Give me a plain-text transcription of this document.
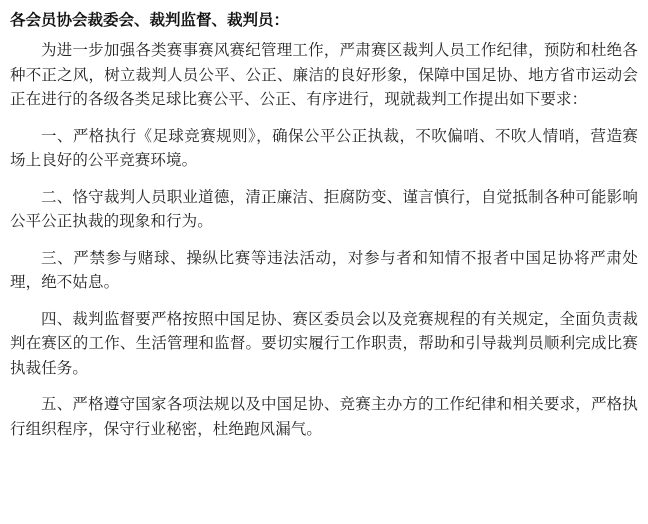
各会员协会裁委会、裁判监督、裁判员：

为进一步加强各类赛事赛风赛纪管理工作，严肃赛区裁判人员工作纪律，预防和杜绝各种不正之风，树立裁判人员公平、公正、廉洁的良好形象，保障中国足协、地方省市运动会正在进行的各级各类足球比赛公平、公正、有序进行，现就裁判工作提出如下要求：

一、严格执行《足球竞赛规则》，确保公平公正执裁，不吹偏哨、不吹人情哨，营造赛场上良好的公平竞赛环境。

二、恪守裁判人员职业道德，清正廉洁、拒腐防变、谨言慎行，自觉抵制各种可能影响公平公正执裁的现象和行为。

三、严禁参与赌球、操纵比赛等违法活动，对参与者和知情不报者中国足协将严肃处理，绝不姑息。

四、裁判监督要严格按照中国足协、赛区委员会以及竞赛规程的有关规定，全面负责裁判在赛区的工作、生活管理和监督。要切实履行工作职责，帮助和引导裁判员顺利完成比赛执裁任务。

五、严格遵守国家各项法规以及中国足协、竞赛主办方的工作纪律和相关要求，严格执行组织程序，保守行业秘密，杜绝跑风漏气。
